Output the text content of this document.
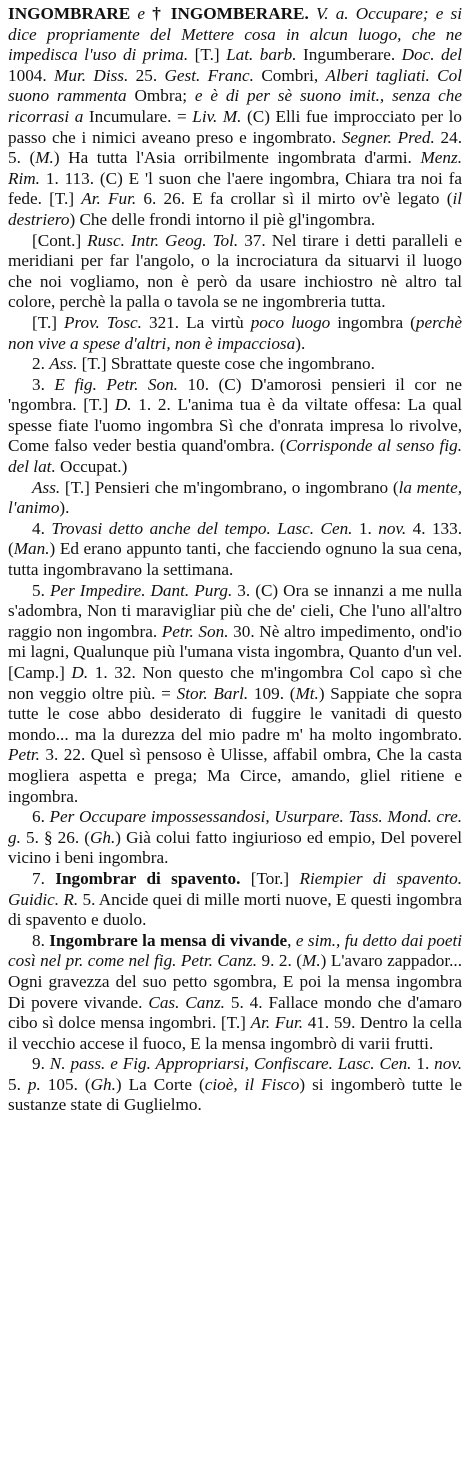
INGOMBRARE e † INGOMBERARE. V. a. Occupare; e si dice propriamente del Mettere cosa in alcun luogo, che ne impedisca l'uso di prima. [T.] Lat. barb. Ingumberare. Doc. del 1004. Mur. Diss. 25. Gest. Franc. Combri, Alberi tagliati. Col suono rammenta Ombra; e è di per sè suono imit., senza che ricorrasi a Incumulare. = Liv. M. (C) Elli fue improcciato per lo passo che i nimici aveano preso e ingombrato. Segner. Pred. 24. 5. (M.) Ha tutta l'Asia orribilmente ingombrata d'armi. Menz. Rim. 1. 113. (C) E 'l suon che l'aere ingombra, Chiara tra noi fa fede. [T.] Ar. Fur. 6. 26. E fa crollar sì il mirto ov'è legato (il destriero) Che delle frondi intorno il piè gl'ingombra.

[Cont.] Rusc. Intr. Geog. Tol. 37. Nel tirare i detti paralleli e meridiani per far l'angolo, o la incrociatura da situarvi il luogo che noi vogliamo, non è però da usare inchiostro nè altro tal colore, perchè la palla o tavola se ne ingombreria tutta.

[T.] Prov. Tosc. 321. La virtù poco luogo ingombra (perchè non vive a spese d'altri, non è impacciosa).

2. Ass. [T.] Sbrattate queste cose che ingombrano.

3. E fig. Petr. Son. 10. (C) D'amorosi pensieri il cor ne 'ngombra. [T.] D. 1. 2. L'anima tua è da viltate offesa: La qual spesse fiate l'uomo ingombra Sì che d'onrata impresa lo rivolve, Come falso veder bestia quand'ombra. (Corrisponde al senso fig. del lat. Occupat.)

Ass. [T.] Pensieri che m'ingombrano, o ingombrano (la mente, l'animo).

4. Trovasi detto anche del tempo. Lasc. Cen. 1. nov. 4. 133. (Man.) Ed erano appunto tanti, che facciendo ognuno la sua cena, tutta ingombravano la settimana.

5. Per Impedire. Dant. Purg. 3. (C) Ora se innanzi a me nulla s'adombra, Non ti maravigliar più che de' cieli, Che l'uno all'altro raggio non ingombra. Petr. Son. 30. Nè altro impedimento, ond'io mi lagni, Qualunque più l'umana vista ingombra, Quanto d'un vel. [Camp.] D. 1. 32. Non questo che m'ingombra Col capo sì che non veggio oltre più. = Stor. Barl. 109. (Mt.) Sappiate che sopra tutte le cose abbo desiderato di fuggire le vanitadi di questo mondo... ma la durezza del mio padre m' ha molto ingombrato. Petr. 3. 22. Quel sì pensoso è Ulisse, affabil ombra, Che la casta mogliera aspetta e prega; Ma Circe, amando, gliel ritiene e ingombra.

6. Per Occupare impossessandosi, Usurpare. Tass. Mond. cre. g. 5. § 26. (Gh.) Già colui fatto ingiurioso ed empio, Del poverel vicino i beni ingombra.

7. Ingombrar di spavento. [Tor.] Riempier di spavento. Guidic. R. 5. Ancide quei di mille morti nuove, E questi ingombra di spavento e duolo.

8. Ingombrare la mensa di vivande, e sim., fu detto dai poeti così nel pr. come nel fig. Petr. Canz. 9. 2. (M.) L'avaro zappador... Ogni gravezza del suo petto sgombra, E poi la mensa ingombra Di povere vivande. Cas. Canz. 5. 4. Fallace mondo che d'amaro cibo sì dolce mensa ingombri. [T.] Ar. Fur. 41. 59. Dentro la cella il vecchio accese il fuoco, E la mensa ingombrò di varii frutti.

9. N. pass. e Fig. Appropriarsi, Confiscare. Lasc. Cen. 1. nov. 5. p. 105. (Gh.) La Corte (cioè, il Fisco) si ingomberò tutte le sustanze state di Guglielmo.
